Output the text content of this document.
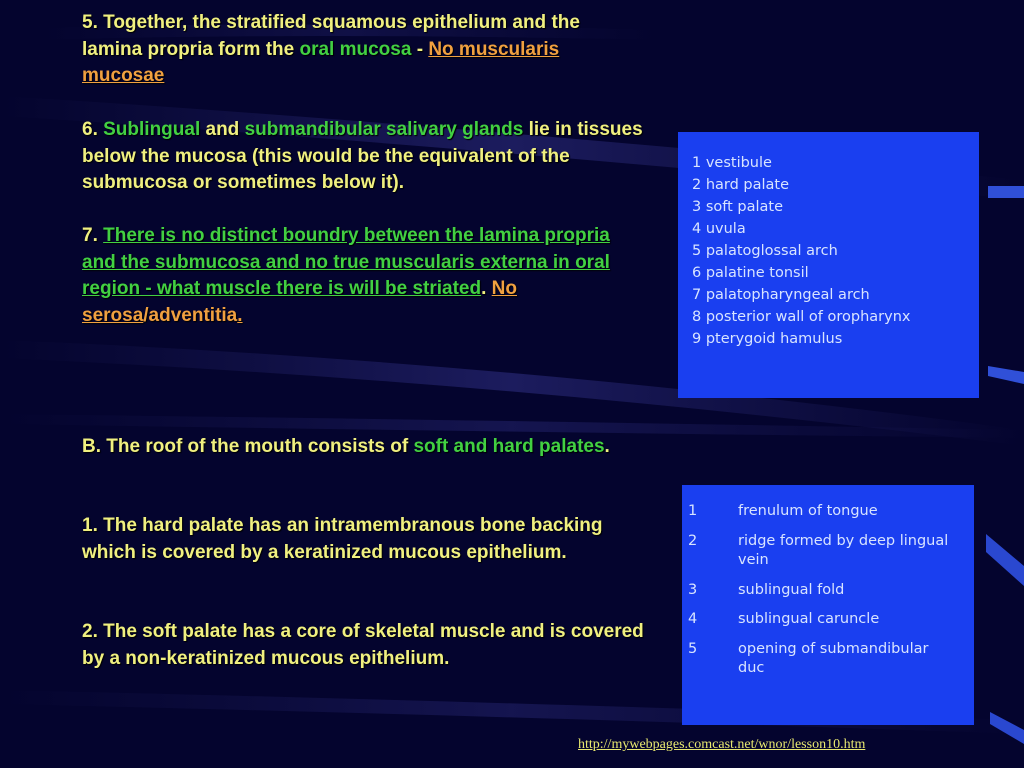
5. Together, the stratified squamous epithelium and the lamina propria form the oral mucosa - No muscularis mucosae

6. Sublingual and submandibular salivary glands lie in tissues below the mucosa (this would be the equivalent of the submucosa or sometimes below it).

7. There is no distinct boundry between the lamina propria and the submucosa and no true muscularis externa in oral region - what muscle there is will be striated. No serosa/adventitia.

B. The roof of the mouth consists of soft and hard palates.

1. The hard palate has an intramembranous bone backing which is covered by a keratinized mucous epithelium.

2. The soft palate has a core of skeletal muscle and is covered by a non-keratinized mucous epithelium.

1 vestibule
2 hard palate
3 soft palate
4 uvula
5 palatoglossal arch
6 palatine tonsil
7 palatopharyngeal arch
8 posterior wall of oropharynx
9 pterygoid hamulus
1	frenulum of tongue
2	ridge formed by deep lingual vein
3	sublingual fold
4	sublingual caruncle
5	opening of submandibular duc
http://mywebpages.comcast.net/wnor/lesson10.htm
